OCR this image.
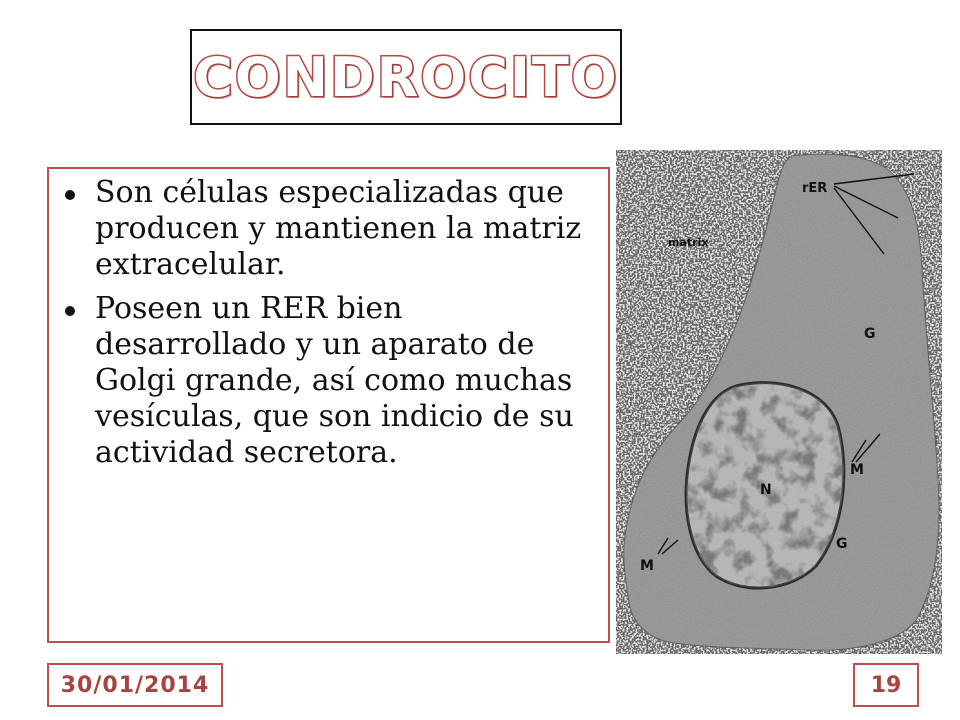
CONDROCITO
Son células especializadas que producen y mantienen la matriz extracelular.
Poseen un RER bien desarrollado y un aparato de Golgi grande, así como muchas vesículas, que son indicio de su actividad secretora.
rER
matrix
G
M
N
G
M
30/01/2014	19
